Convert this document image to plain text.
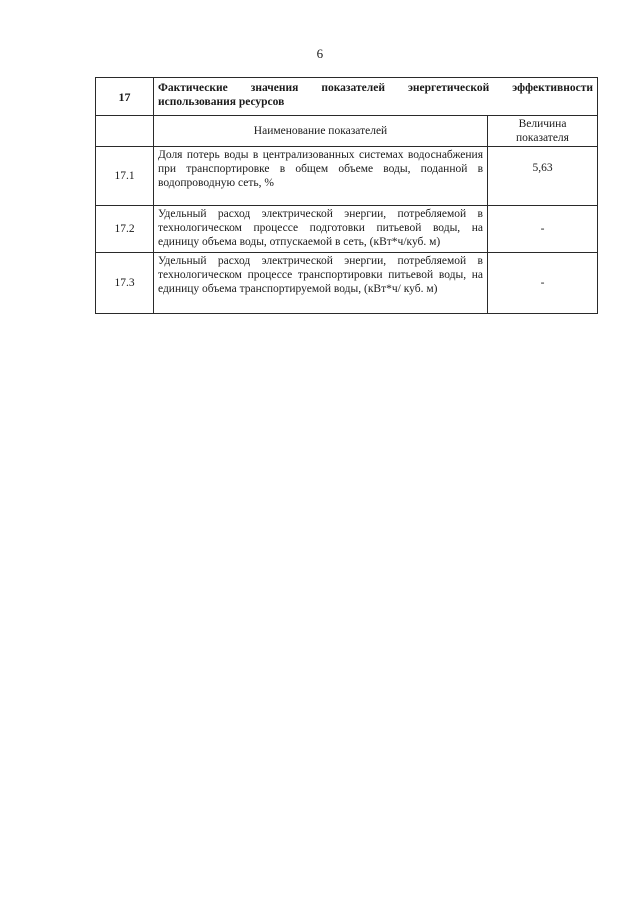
6
17	Фактические значения показателей энергетической эффективности использования ресурсов	
	Наименование показателей	Величина показателя
17.1	Доля потерь воды в централизованных системах водоснабжения при транспортировке в общем объеме воды, поданной в водопроводную сеть, %	5,63
17.2	Удельный расход электрической энергии, потребляемой в технологическом процессе подготовки питьевой воды, на единицу объема воды, отпускаемой в сеть, (кВт*ч/куб. м)	-
17.3	Удельный расход электрической энергии, потребляемой в технологическом процессе транспортировки питьевой воды, на единицу объема транспортируемой воды, (кВт*ч/ куб. м)	-
